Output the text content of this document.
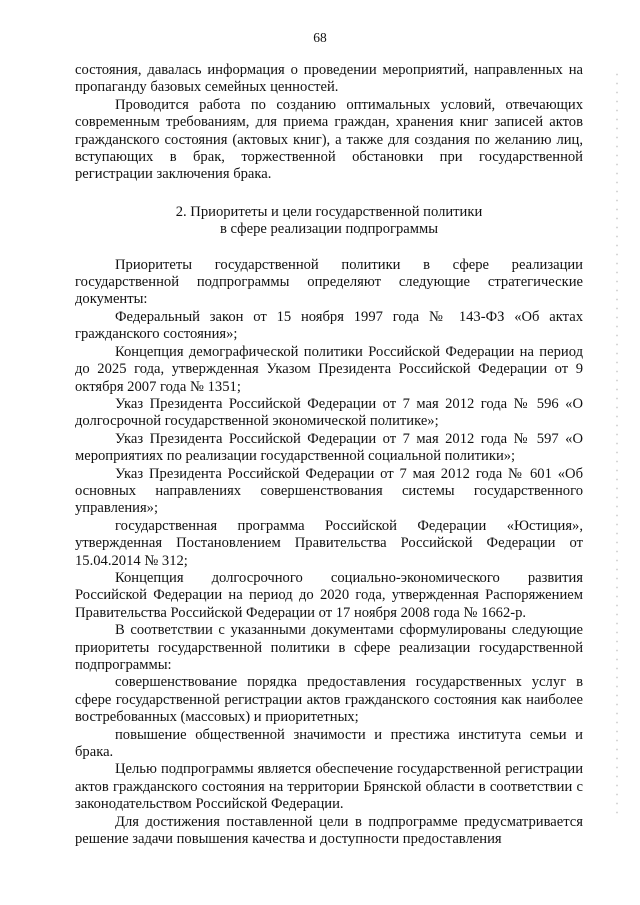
68

состояния, давалась информация о проведении мероприятий, направленных на пропаганду базовых семейных ценностей.

Проводится работа по созданию оптимальных условий, отвечающих современным требованиям, для приема граждан, хранения книг записей актов гражданского состояния (актовых книг), а также для создания по желанию лиц, вступающих в брак, торжественной обстановки при государственной регистрации заключения брака.

2. Приоритеты и цели государственной политики
в сфере реализации подпрограммы

Приоритеты государственной политики в сфере реализации государственной подпрограммы определяют следующие стратегические документы:

Федеральный закон от 15 ноября 1997 года № 143-ФЗ «Об актах гражданского состояния»;

Концепция демографической политики Российской Федерации на период до 2025 года, утвержденная Указом Президента Российской Федерации от 9 октября 2007 года № 1351;

Указ Президента Российской Федерации от 7 мая 2012 года № 596 «О долгосрочной государственной экономической политике»;

Указ Президента Российской Федерации от 7 мая 2012 года № 597 «О мероприятиях по реализации государственной социальной политики»;

Указ Президента Российской Федерации от 7 мая 2012 года № 601 «Об основных направлениях совершенствования системы государственного управления»;

государственная программа Российской Федерации «Юстиция», утвержденная Постановлением Правительства Российской Федерации от 15.04.2014 № 312;

Концепция долгосрочного социально-экономического развития Российской Федерации на период до 2020 года, утвержденная Распоряжением Правительства Российской Федерации от 17 ноября 2008 года № 1662-р.

В соответствии с указанными документами сформулированы следующие приоритеты государственной политики в сфере реализации государственной подпрограммы:

совершенствование порядка предоставления государственных услуг в сфере государственной регистрации актов гражданского состояния как наиболее востребованных (массовых) и приоритетных;

повышение общественной значимости и престижа института семьи и брака.

Целью подпрограммы является обеспечение государственной регистрации актов гражданского состояния на территории Брянской области в соответствии с законодательством Российской Федерации.

Для достижения поставленной цели в подпрограмме предусматривается решение задачи повышения качества и доступности предоставления
